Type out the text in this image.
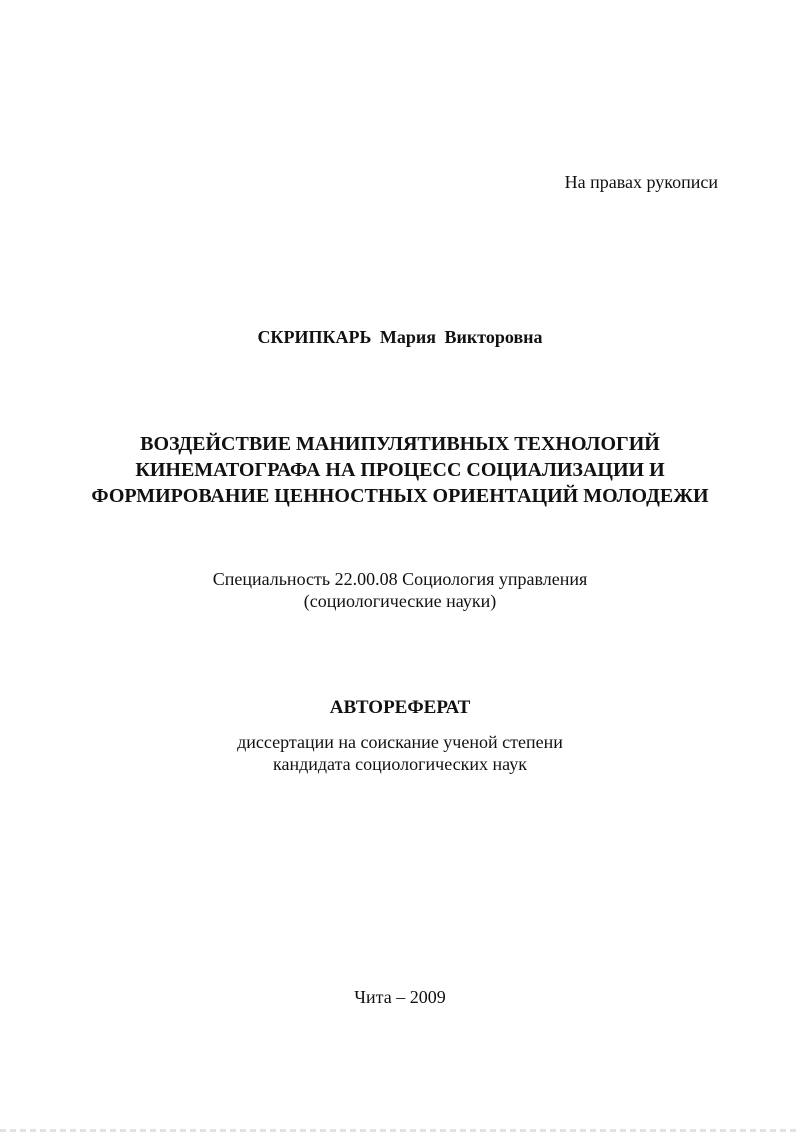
На правах рукописи

СКРИПКАРЬ Мария Викторовна

ВОЗДЕЙСТВИЕ МАНИПУЛЯТИВНЫХ ТЕХНОЛОГИЙ
КИНЕМАТОГРАФА НА ПРОЦЕСС СОЦИАЛИЗАЦИИ И
ФОРМИРОВАНИЕ ЦЕННОСТНЫХ ОРИЕНТАЦИЙ МОЛОДЕЖИ
Специальность 22.00.08 Социология управления
(социологические науки)

АВТОРЕФЕРАТ

диссертации на соискание ученой степени
кандидата социологических наук

Чита – 2009
